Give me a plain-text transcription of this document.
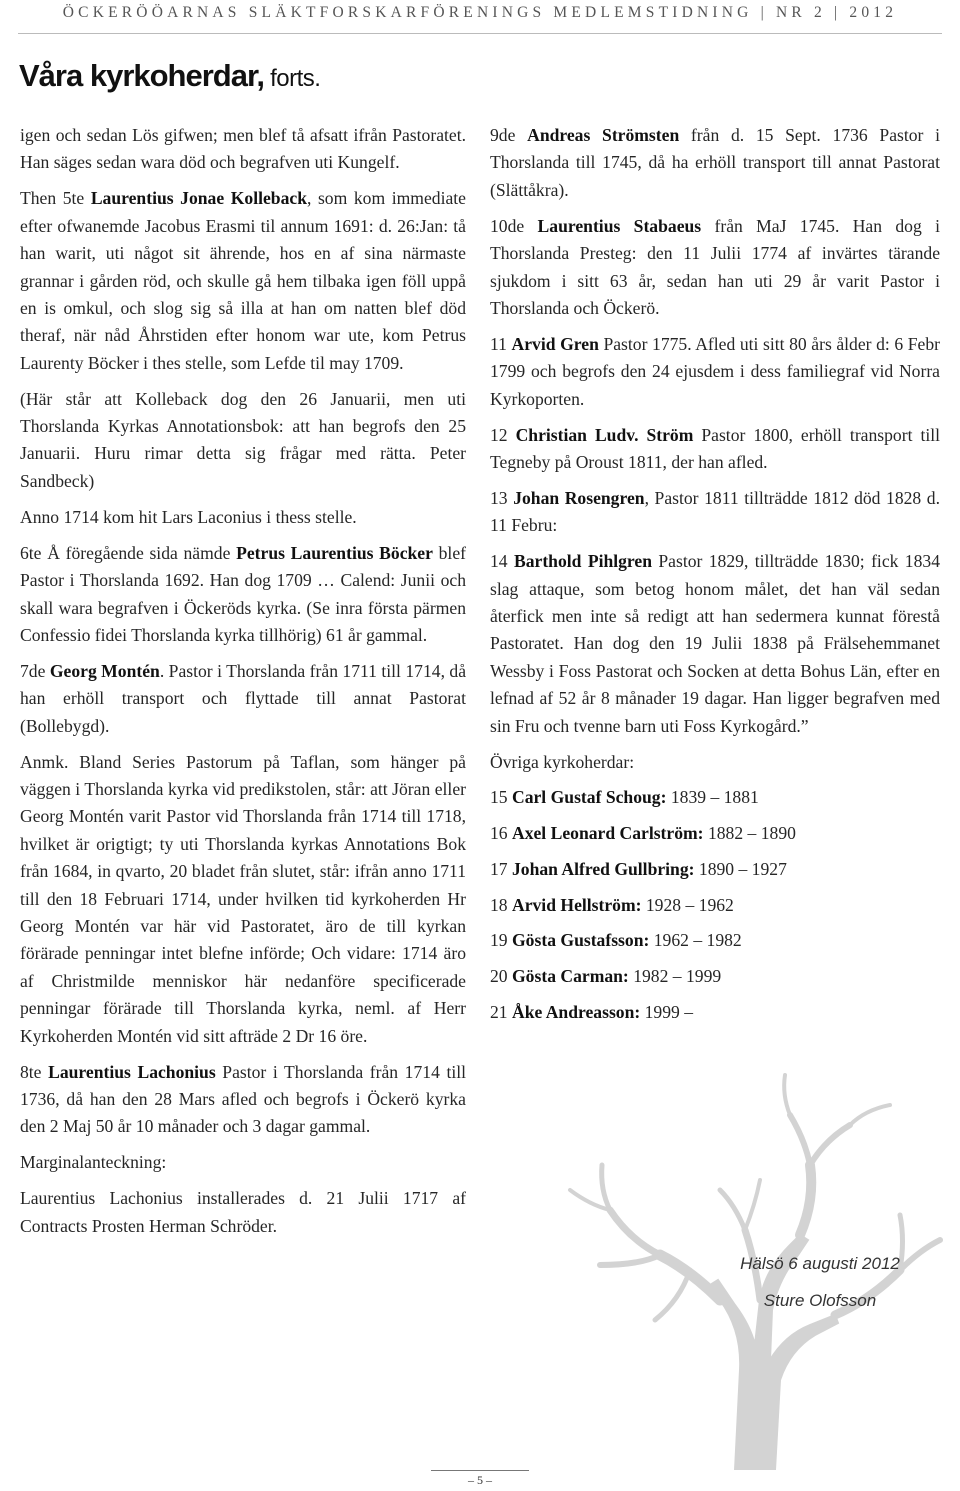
ÖCKERÖÖARNAS SLÄKTFORSKARFÖRENINGS MEDLEMSTIDNING | NR 2 | 2012
Våra kyrkoherdar, forts.

igen och sedan Lös gifwen; men blef tå afsatt ifrån Pastoratet. Han säges sedan wara död och begrafven uti Kungelf.

Then 5te Laurentius Jonae Kolleback, som kom immediate efter ofwanemde Jacobus Erasmi til annum 1691: d. 26:Jan: tå han warit, uti något sit ährende, hos en af sina närmaste grannar i gården röd, och skulle gå hem tilbaka igen föll uppå en is omkul, och slog sig så illa at han om natten blef död theraf, när nåd Åhrstiden efter honom war ute, kom Petrus Laurenty Böcker i thes stelle, som Lefde til may 1709.

(Här står att Kolleback dog den 26 Januarii, men uti Thorslanda Kyrkas Annotationsbok: att han begrofs den 25 Januarii. Huru rimar detta sig frågar med rätta. Peter Sandbeck)

Anno 1714 kom hit Lars Laconius i thess stelle.

6te Å föregående sida nämde Petrus Laurentius Böcker blef Pastor i Thorslanda 1692. Han dog 1709 … Calend: Junii och skall wara begrafven i Öckeröds kyrka. (Se inra första pärmen Confessio fidei Thorslanda kyrka tillhörig) 61 år gammal.

7de Georg Montén. Pastor i Thorslanda från 1711 till 1714, då han erhöll transport och flyttade till annat Pastorat (Bollebygd).

Anmk. Bland Series Pastorum på Taflan, som hänger på väggen i Thorslanda kyrka vid predikstolen, står: att Jöran eller Georg Montén varit Pastor vid Thorslanda från 1714 till 1718, hvilket är origtigt; ty uti Thorslanda kyrkas Annotations Bok från 1684, in qvarto, 20 bladet från slutet, står: ifrån anno 1711 till den 18 Februari 1714, under hvilken tid kyrkoherden Hr Georg Montén var här vid Pastoratet, äro de till kyrkan förärade penningar intet blefne införde; Och vidare: 1714 äro af Christmilde menniskor här nedanföre specificerade penningar förärade till Thorslanda kyrka, neml. af Herr Kyrkoherden Montén vid sitt afträde 2 Dr 16 öre.

8te Laurentius Lachonius Pastor i Thorslanda från 1714 till 1736, då han den 28 Mars afled och begrofs i Öckerö kyrka den 2 Maj 50 år 10 månader och 3 dagar gammal.

Marginalanteckning:

Laurentius Lachonius installerades d. 21 Julii 1717 af Contracts Prosten Herman Schröder.

9de Andreas Strömsten från d. 15 Sept. 1736 Pastor i Thorslanda till 1745, då ha erhöll transport till annat Pastorat (Slättåkra).

10de Laurentius Stabaeus från MaJ 1745. Han dog i Thorslanda Presteg: den 11 Julii 1774 af invärtes tärande sjukdom i sitt 63 år, sedan han uti 29 år varit Pastor i Thorslanda och Öckerö.

11 Arvid Gren Pastor 1775. Afled uti sitt 80 års ålder d: 6 Febr 1799 och begrofs den 24 ejusdem i dess familiegraf vid Norra Kyrkoporten.

12 Christian Ludv. Ström Pastor 1800, erhöll transport till Tegneby på Oroust 1811, der han afled.

13 Johan Rosengren, Pastor 1811 tillträdde 1812 död 1828 d. 11 Febru:

14 Barthold Pihlgren Pastor 1829, tillträdde 1830; fick 1834 slag attaque, som betog honom målet, det han väl sedan återfick men inte så redigt att han sedermera kunnat förestå Pastoratet. Han dog den 19 Julii 1838 på Frälsehemmanet Wessby i Foss Pastorat och Socken at detta Bohus Län, efter en lefnad af 52 år 8 månader 19 dagar. Han ligger begrafven med sin Fru och tvenne barn uti Foss Kyrkogård.”

Övriga kyrkoherdar:

15 Carl Gustaf Schoug: 1839 – 1881
16 Axel Leonard Carlström: 1882 – 1890
17 Johan Alfred Gullbring: 1890 – 1927
18 Arvid Hellström: 1928 – 1962
19 Gösta Gustafsson: 1962 – 1982
20 Gösta Carman: 1982 – 1999
21 Åke Andreasson: 1999 –
Hälsö 6 augusti 2012
Sture Olofsson
– 5 –
